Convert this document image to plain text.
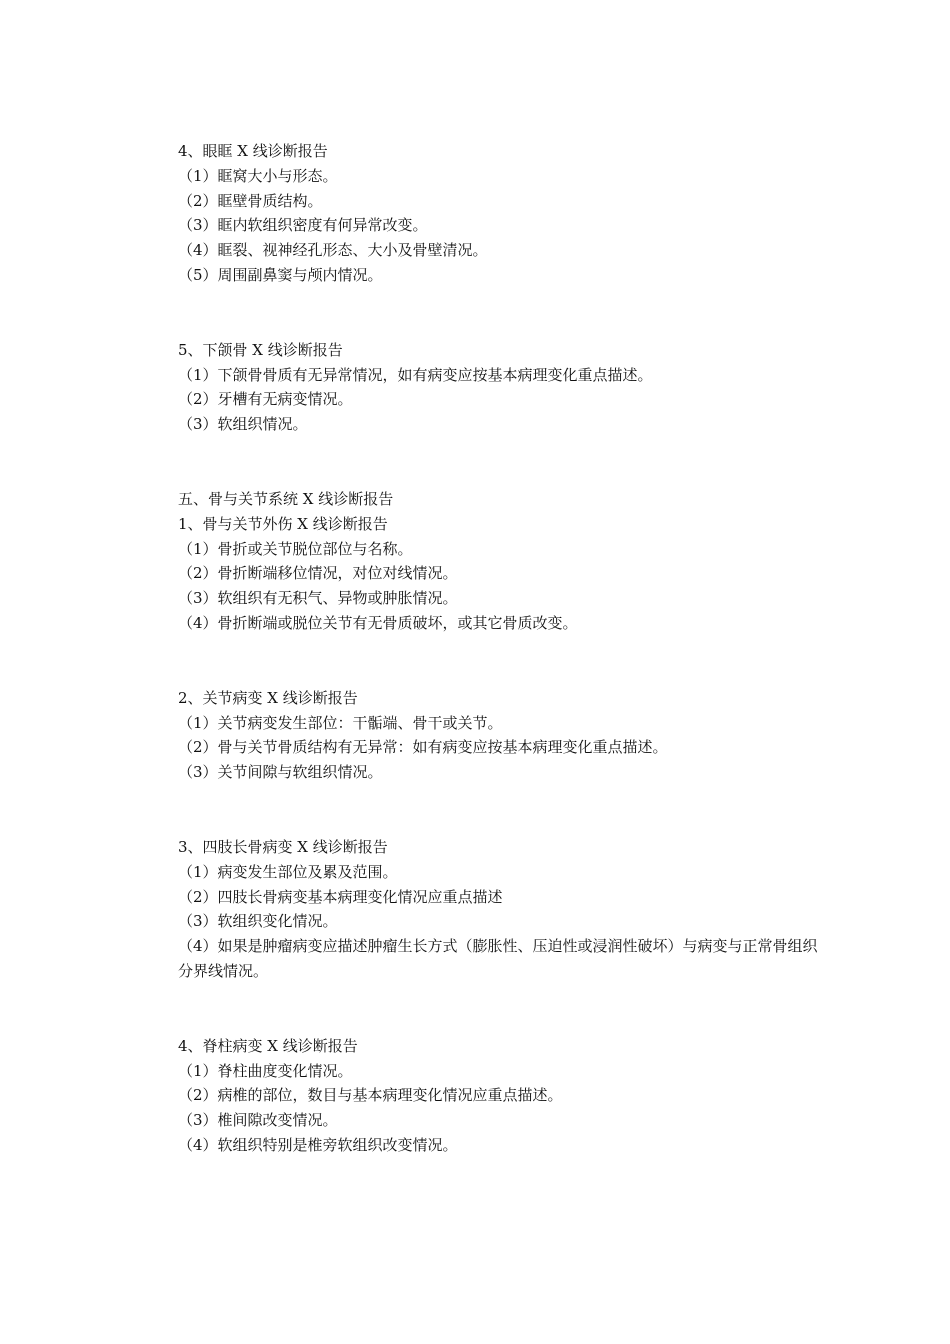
4、眼眶 X 线诊断报告
（1）眶窝大小与形态。
（2）眶壁骨质结构。
（3）眶内软组织密度有何异常改变。
（4）眶裂、视神经孔形态、大小及骨壁清况。
（5）周围副鼻窦与颅内情况。
5、下颌骨 X 线诊断报告
（1）下颌骨骨质有无异常情况，如有病变应按基本病理变化重点描述。
（2）牙槽有无病变情况。
（3）软组织情况。
五、骨与关节系统 X 线诊断报告
1、骨与关节外伤 X 线诊断报告
（1）骨折或关节脱位部位与名称。
（2）骨折断端移位情况，对位对线情况。
（3）软组织有无积气、异物或肿胀情况。
（4）骨折断端或脱位关节有无骨质破坏，或其它骨质改变。
2、关节病变 X 线诊断报告
（1）关节病变发生部位：干骺端、骨干或关节。
（2）骨与关节骨质结构有无异常：如有病变应按基本病理变化重点描述。
（3）关节间隙与软组织情况。
3、四肢长骨病变 X 线诊断报告
（1）病变发生部位及累及范围。
（2）四肢长骨病变基本病理变化情况应重点描述
（3）软组织变化情况。
（4）如果是肿瘤病变应描述肿瘤生长方式（膨胀性、压迫性或浸润性破坏）与病变与正常骨组织分界线情况。
4、脊柱病变 X 线诊断报告
（1）脊柱曲度变化情况。
（2）病椎的部位，数目与基本病理变化情况应重点描述。
（3）椎间隙改变情况。
（4）软组织特别是椎旁软组织改变情况。
